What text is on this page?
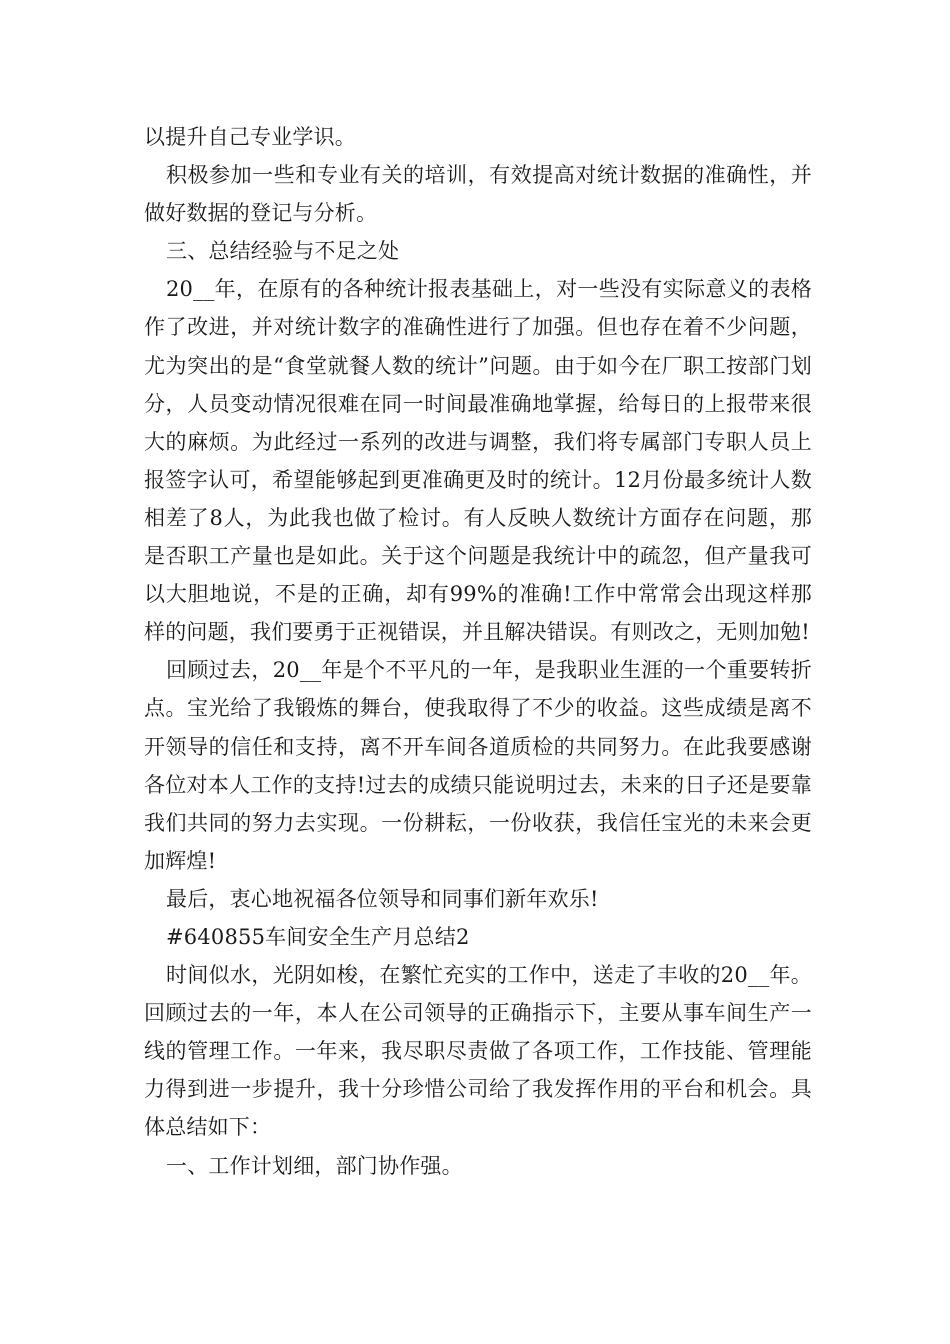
以提升自己专业学识。

积极参加一些和专业有关的培训，有效提高对统计数据的准确性，并做好数据的登记与分析。

三、总结经验与不足之处

20__年，在原有的各种统计报表基础上，对一些没有实际意义的表格作了改进，并对统计数字的准确性进行了加强。但也存在着不少问题，尤为突出的是“食堂就餐人数的统计”问题。由于如今在厂职工按部门划分，人员变动情况很难在同一时间最准确地掌握，给每日的上报带来很大的麻烦。为此经过一系列的改进与调整，我们将专属部门专职人员上报签字认可，希望能够起到更准确更及时的统计。12月份最多统计人数相差了8人，为此我也做了检讨。有人反映人数统计方面存在问题，那是否职工产量也是如此。关于这个问题是我统计中的疏忽，但产量我可以大胆地说，不是的正确，却有99%的准确!工作中常常会出现这样那样的问题，我们要勇于正视错误，并且解决错误。有则改之，无则加勉!

回顾过去，20__年是个不平凡的一年，是我职业生涯的一个重要转折点。宝光给了我锻炼的舞台，使我取得了不少的收益。这些成绩是离不开领导的信任和支持，离不开车间各道质检的共同努力。在此我要感谢各位对本人工作的支持!过去的成绩只能说明过去，未来的日子还是要靠我们共同的努力去实现。一份耕耘，一份收获，我信任宝光的未来会更加辉煌!

最后，衷心地祝福各位领导和同事们新年欢乐!

#640855车间安全生产月总结2

时间似水，光阴如梭，在繁忙充实的工作中，送走了丰收的20__年。回顾过去的一年，本人在公司领导的正确指示下，主要从事车间生产一线的管理工作。一年来，我尽职尽责做了各项工作，工作技能、管理能力得到进一步提升，我十分珍惜公司给了我发挥作用的平台和机会。具体总结如下：

一、工作计划细，部门协作强。
